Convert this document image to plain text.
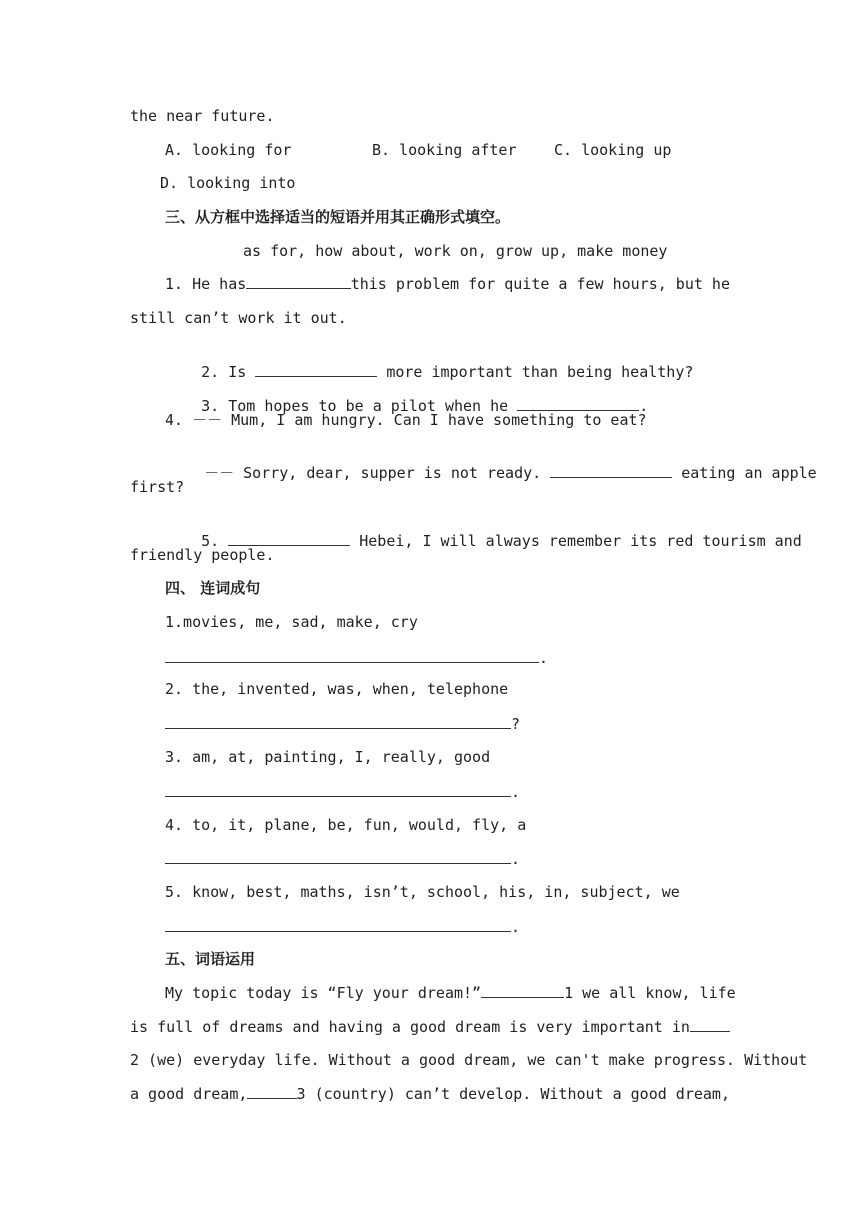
the near future.
A. looking for	B. looking after	C. looking up
D. looking into
三、从方框中选择适当的短语并用其正确形式填空。
as for, how about, work on, grow up, make money
1. He has	this problem for quite a few hours, but he
still can’t work it out.

2. Is	more important than being healthy?

3. Tom hopes to be a pilot when he	.

4. －－ Mum, I am hungry. Can I have something to eat?

－－ Sorry, dear, supper is not ready.	eating an apple

first?

5.	Hebei, I will always remember its red tourism and

friendly people.
四、 连词成句
1.movies, me, sad, make, cry
.
2. the, invented, was, when, telephone
?
3. am, at, painting, I, really, good
.
4. to, it, plane, be, fun, would, fly, a
.
5. know, best, maths, isn’t, school, his, in, subject, we
.
五、词语运用
My topic today is “Fly your dream!”	1 we all know, life
is full of dreams and having a good dream is very important in
2 (we) everyday life. Without a good dream, we can't make progress. Without
a good dream,	3 (country) can’t develop. Without a good dream,
